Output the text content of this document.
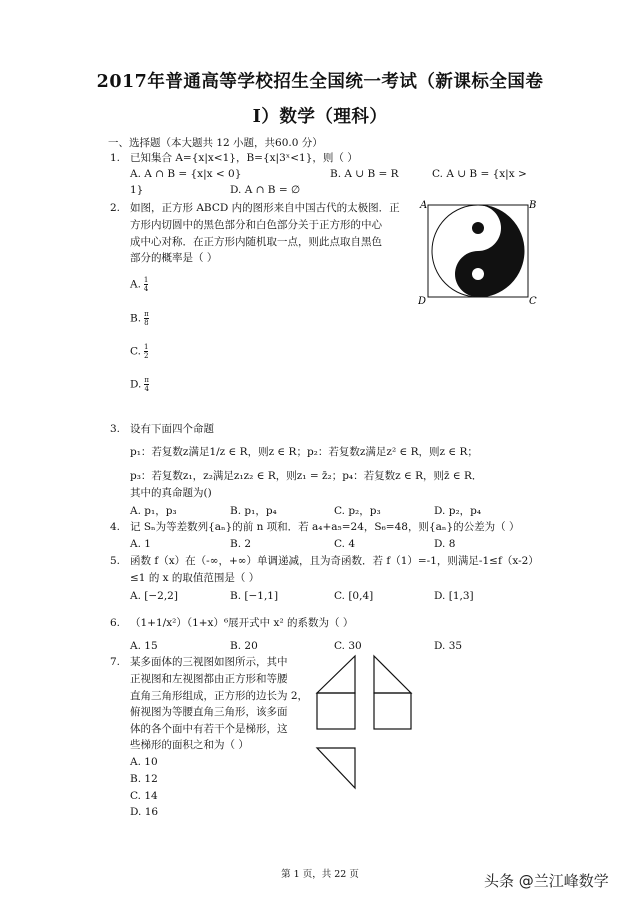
2017年普通高等学校招生全国统一考试（新课标全国卷
Ⅰ）数学（理科）
一、选择题（本大题共 12 小题，共60.0 分）
1. 已知集合 A={x|x<1}，B={x|3ˣ<1}，则（ ）
A. A ∩ B = {x|x < 0}	B. A ∪ B = R	C. A ∪ B = {x|x >
1}	D. A ∩ B = ∅
2. 如图，正方形 ABCD 内的图形来自中国古代的太极图．正
方形内切圆中的黑色部分和白色部分关于正方形的中心
成中心对称．在正方形内随机取一点，则此点取自黑色
部分的概率是（ ）
A. $\frac{1}{4}$
B. $\frac{\pi}{8}$
C. $\frac{1}{2}$
D. $\frac{\pi}{4}$
A	B
C
D
3. 设有下面四个命题
p₁：若复数z满足1/z ∈ R，则z ∈ R；p₂：若复数z满足z² ∈ R，则z ∈ R；
p₃：若复数z₁，z₂满足z₁z₂ ∈ R，则z₁ = z̄₂；p₄：若复数z ∈ R，则z̄ ∈ R．
其中的真命题为()
A. p₁，p₃	B. p₁，p₄	C. p₂，p₃	D. p₂，p₄
4. 记 Sₙ为等差数列{aₙ}的前 n 项和．若 a₄+a₅=24，S₆=48，则{aₙ}的公差为（ ）
A. 1	B. 2	C. 4	D. 8
5. 函数 f（x）在（-∞，+∞）单调递减，且为奇函数．若 f（1）=-1，则满足-1≤f（x-2）
≤1 的 x 的取值范围是（ ）
A. [−2,2]	B. [−1,1]	C. [0,4]	D. [1,3]
6. （1+1/x²）（1+x）⁶展开式中 x² 的系数为（ ）
A. 15	B. 20	C. 30	D. 35
7. 某多面体的三视图如图所示，其中
正视图和左视图都由正方形和等腰
直角三角形组成，正方形的边长为 2，
俯视图为等腰直角三角形，该多面
体的各个面中有若干个是梯形，这
些梯形的面积之和为（ ）
A. 10
B. 12
C. 14
D. 16
第 1 页，共 22 页	头条 @兰江峰数学
